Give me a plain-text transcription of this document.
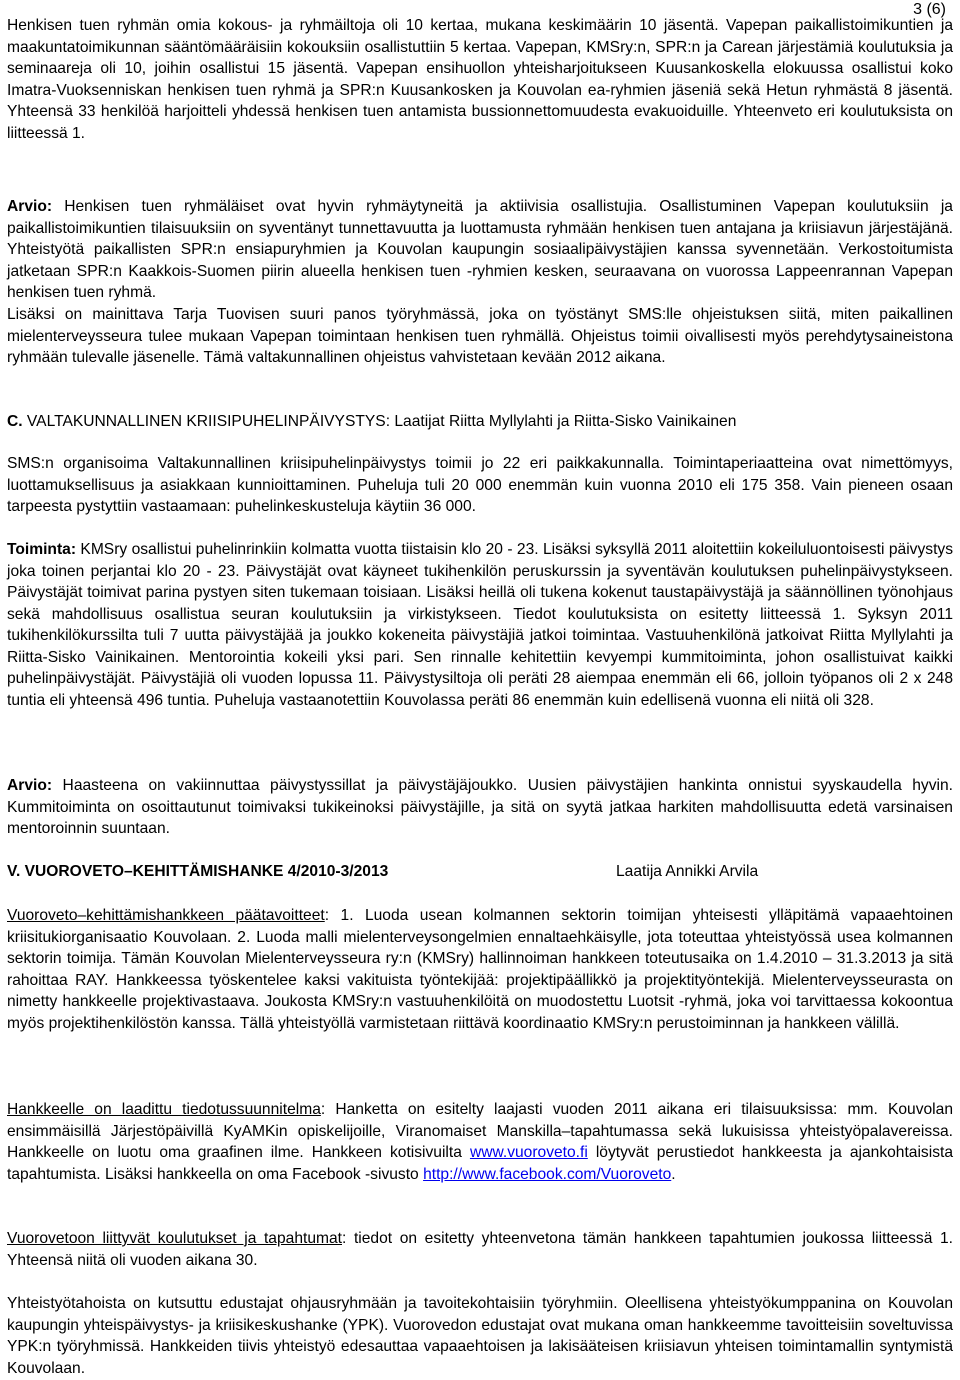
3 (6)

Henkisen tuen ryhmän omia kokous- ja ryhmäiltoja oli 10 kertaa, mukana keskimäärin 10 jäsentä. Vapepan paikallistoimikuntien ja maakuntatoimikunnan sääntömääräisiin kokouksiin osallistuttiin 5 kertaa. Vapepan, KMSry:n, SPR:n ja Carean järjestämiä koulutuksia ja seminaareja oli 10, joihin osallistui 15 jäsentä. Vapepan ensihuollon yhteisharjoitukseen Kuusankoskella elokuussa osallistui koko Imatra-Vuoksenniskan henkisen tuen ryhmä ja SPR:n Kuusankosken ja Kouvolan ea-ryhmien jäseniä sekä Hetun ryhmästä 8 jäsentä. Yhteensä 33 henkilöä harjoitteli yhdessä henkisen tuen antamista bussionnettomuudesta evakuoiduille. Yhteenveto eri koulutuksista on liitteessä 1.

Arvio: Henkisen tuen ryhmäläiset ovat hyvin ryhmäytyneitä ja aktiivisia osallistujia. Osallistuminen Vapepan koulutuksiin ja paikallistoimikuntien tilaisuuksiin on syventänyt tunnettavuutta ja luottamusta ryhmään henkisen tuen antajana ja kriisiavun järjestäjänä. Yhteistyötä paikallisten SPR:n ensiapuryhmien ja Kouvolan kaupungin sosiaalipäivystäjien kanssa syvennetään. Verkostoitumista jatketaan SPR:n Kaakkois-Suomen piirin alueella henkisen tuen -ryhmien kesken, seuraavana on vuorossa Lappeenrannan Vapepan henkisen tuen ryhmä.

Lisäksi on mainittava Tarja Tuovisen suuri panos työryhmässä, joka on työstänyt SMS:lle ohjeistuksen siitä, miten paikallinen mielenterveysseura tulee mukaan Vapepan toimintaan henkisen tuen ryhmällä. Ohjeistus toimii oivallisesti myös perehdytysaineistona ryhmään tulevalle jäsenelle. Tämä valtakunnallinen ohjeistus vahvistetaan kevään 2012 aikana.

C. VALTAKUNNALLINEN KRIISIPUHELINPÄIVYSTYS: Laatijat Riitta Myllylahti ja Riitta-Sisko Vainikainen

SMS:n organisoima Valtakunnallinen kriisipuhelinpäivystys toimii jo 22 eri paikkakunnalla. Toimintaperiaatteina ovat nimettömyys, luottamuksellisuus ja asiakkaan kunnioittaminen. Puheluja tuli 20 000 enemmän kuin vuonna 2010 eli 175 358. Vain pieneen osaan tarpeesta pystyttiin vastaamaan: puhelinkeskusteluja käytiin 36 000.

Toiminta: KMSry osallistui puhelinrinkiin kolmatta vuotta tiistaisin klo 20 - 23. Lisäksi syksyllä 2011 aloitettiin kokeiluluontoisesti päivystys joka toinen perjantai klo 20 - 23. Päivystäjät ovat käyneet tukihenkilön peruskurssin ja syventävän koulutuksen puhelinpäivystykseen. Päivystäjät toimivat parina pystyen siten tukemaan toisiaan. Lisäksi heillä oli tukena kokenut taustapäivystäjä ja säännöllinen työnohjaus sekä mahdollisuus osallistua seuran koulutuksiin ja virkistykseen. Tiedot koulutuksista on esitetty liitteessä 1. Syksyn 2011 tukihenkilökurssilta tuli 7 uutta päivystäjää ja joukko kokeneita päivystäjiä jatkoi toimintaa. Vastuuhenkilönä jatkoivat Riitta Myllylahti ja Riitta-Sisko Vainikainen. Mentorointia kokeili yksi pari. Sen rinnalle kehitettiin kevyempi kummitoiminta, johon osallistuivat kaikki puhelinpäivystäjät. Päivystäjiä oli vuoden lopussa 11. Päivystysiltoja oli peräti 28 aiempaa enemmän eli 66, jolloin työpanos oli 2 x 248 tuntia eli yhteensä 496 tuntia. Puheluja vastaanotettiin Kouvolassa peräti 86 enemmän kuin edellisenä vuonna eli niitä oli 328.

Arvio: Haasteena on vakiinnuttaa päivystyssillat ja päivystäjäjoukko. Uusien päivystäjien hankinta onnistui syyskaudella hyvin. Kummitoiminta on osoittautunut toimivaksi tukikeinoksi päivystäjille, ja sitä on syytä jatkaa harkiten mahdollisuutta edetä varsinaisen mentoroinnin suuntaan.

V. VUOROVETO–KEHITTÄMISHANKE 4/2010-3/2013	Laatija Annikki Arvila

Vuoroveto–kehittämishankkeen päätavoitteet: 1. Luoda usean kolmannen sektorin toimijan yhteisesti ylläpitämä vapaaehtoinen kriisitukiorganisaatio Kouvolaan. 2. Luoda malli mielenterveysongelmien ennaltaehkäisylle, jota toteuttaa yhteistyössä usea kolmannen sektorin toimija. Tämän Kouvolan Mielenterveysseura ry:n (KMSry) hallinnoiman hankkeen toteutusaika on 1.4.2010 – 31.3.2013 ja sitä rahoittaa RAY. Hankkeessa työskentelee kaksi vakituista työntekijää: projektipäällikkö ja projektityöntekijä. Mielenterveysseurasta on nimetty hankkeelle projektivastaava. Joukosta KMSry:n vastuuhenkilöitä on muodostettu Luotsit -ryhmä, joka voi tarvittaessa kokoontua myös projektihenkilöstön kanssa. Tällä yhteistyöllä varmistetaan riittävä koordinaatio KMSry:n perustoiminnan ja hankkeen välillä.

Hankkeelle on laadittu tiedotussuunnitelma: Hanketta on esitelty laajasti vuoden 2011 aikana eri tilaisuuksissa: mm. Kouvolan ensimmäisillä Järjestöpäivillä KyAMKin opiskelijoille, Viranomaiset Manskilla–tapahtumassa sekä lukuisissa yhteistyöpalavereissa. Hankkeelle on luotu oma graafinen ilme. Hankkeen kotisivuilta www.vuoroveto.fi löytyvät perustiedot hankkeesta ja ajankohtaisista tapahtumista. Lisäksi hankkeella on oma Facebook -sivusto http://www.facebook.com/Vuoroveto.

Vuorovetoon liittyvät koulutukset ja tapahtumat: tiedot on esitetty yhteenvetona tämän hankkeen tapahtumien joukossa liitteessä 1. Yhteensä niitä oli vuoden aikana 30.

Yhteistyötahoista on kutsuttu edustajat ohjausryhmään ja tavoitekohtaisiin työryhmiin. Oleellisena yhteistyökumppanina on Kouvolan kaupungin yhteispäivystys- ja kriisikeskushanke (YPK). Vuorovedon edustajat ovat mukana oman hankkeemme tavoitteisiin soveltuvissa YPK:n työryhmissä. Hankkeiden tiivis yhteistyö edesauttaa vapaaehtoisen ja lakisääteisen kriisiavun yhteisen toimintamallin syntymistä Kouvolaan.
